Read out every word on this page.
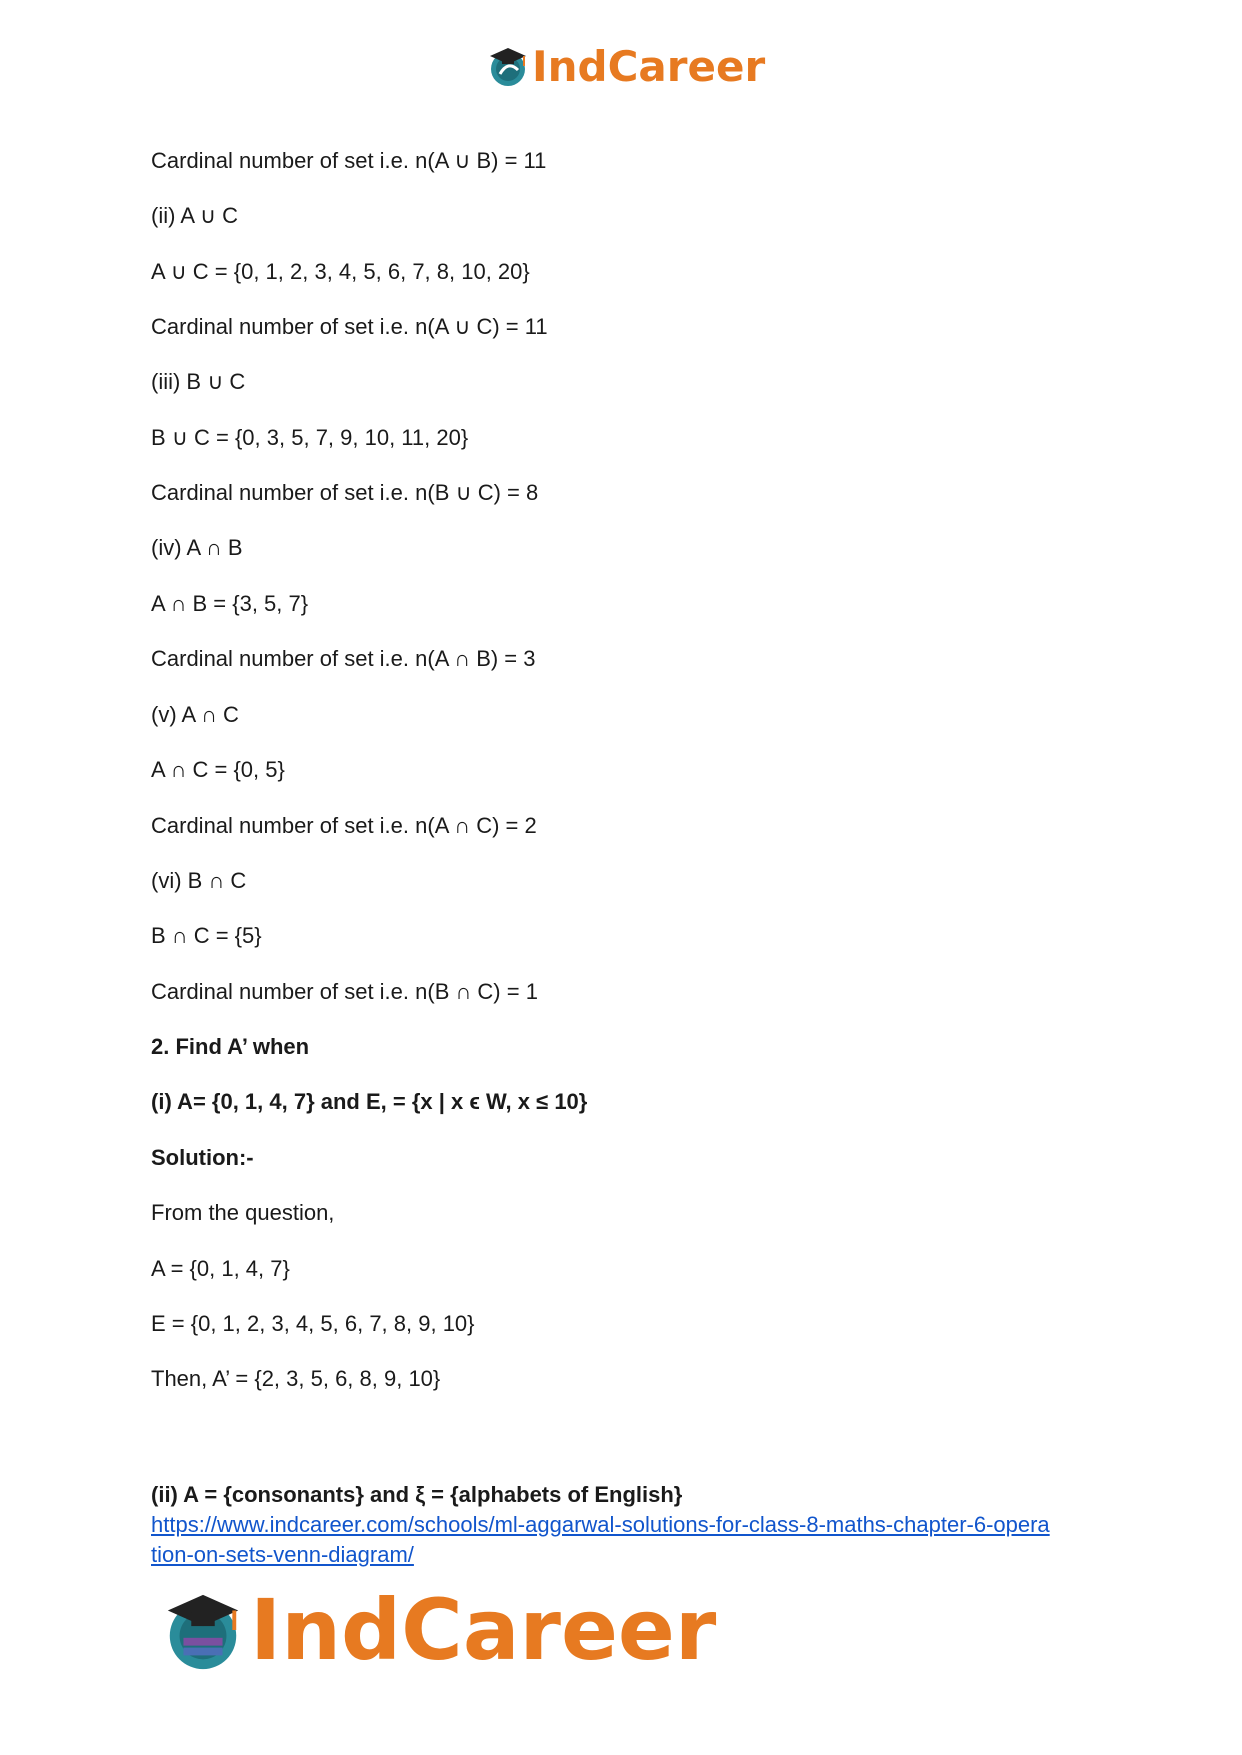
IndCareer
Cardinal number of set i.e. n(A ∪ B) = 11
(ii) A ∪ C
A ∪ C = {0, 1, 2, 3, 4, 5, 6, 7, 8, 10, 20}
Cardinal number of set i.e. n(A ∪ C) = 11
(iii) B ∪ C
B ∪ C = {0, 3, 5, 7, 9, 10, 11, 20}
Cardinal number of set i.e. n(B ∪ C) = 8
(iv) A ∩ B
A ∩ B = {3, 5, 7}
Cardinal number of set i.e. n(A ∩ B) = 3
(v) A ∩ C
A ∩ C = {0, 5}
Cardinal number of set i.e. n(A ∩ C) = 2
(vi) B ∩ C
B ∩ C = {5}
Cardinal number of set i.e. n(B ∩ C) = 1
2. Find A’ when
(i) A= {0, 1, 4, 7} and E, = {x | x ϵ W, x ≤ 10}
Solution:-
From the question,
A = {0, 1, 4, 7}
E = {0, 1, 2, 3, 4, 5, 6, 7, 8, 9, 10}
Then, A’ = {2, 3, 5, 6, 8, 9, 10}
(ii) A = {consonants} and ξ = {alphabets of English}
https://www.indcareer.com/schools/ml-aggarwal-solutions-for-class-8-maths-chapter-6-opera
tion-on-sets-venn-diagram/
IndCareer
